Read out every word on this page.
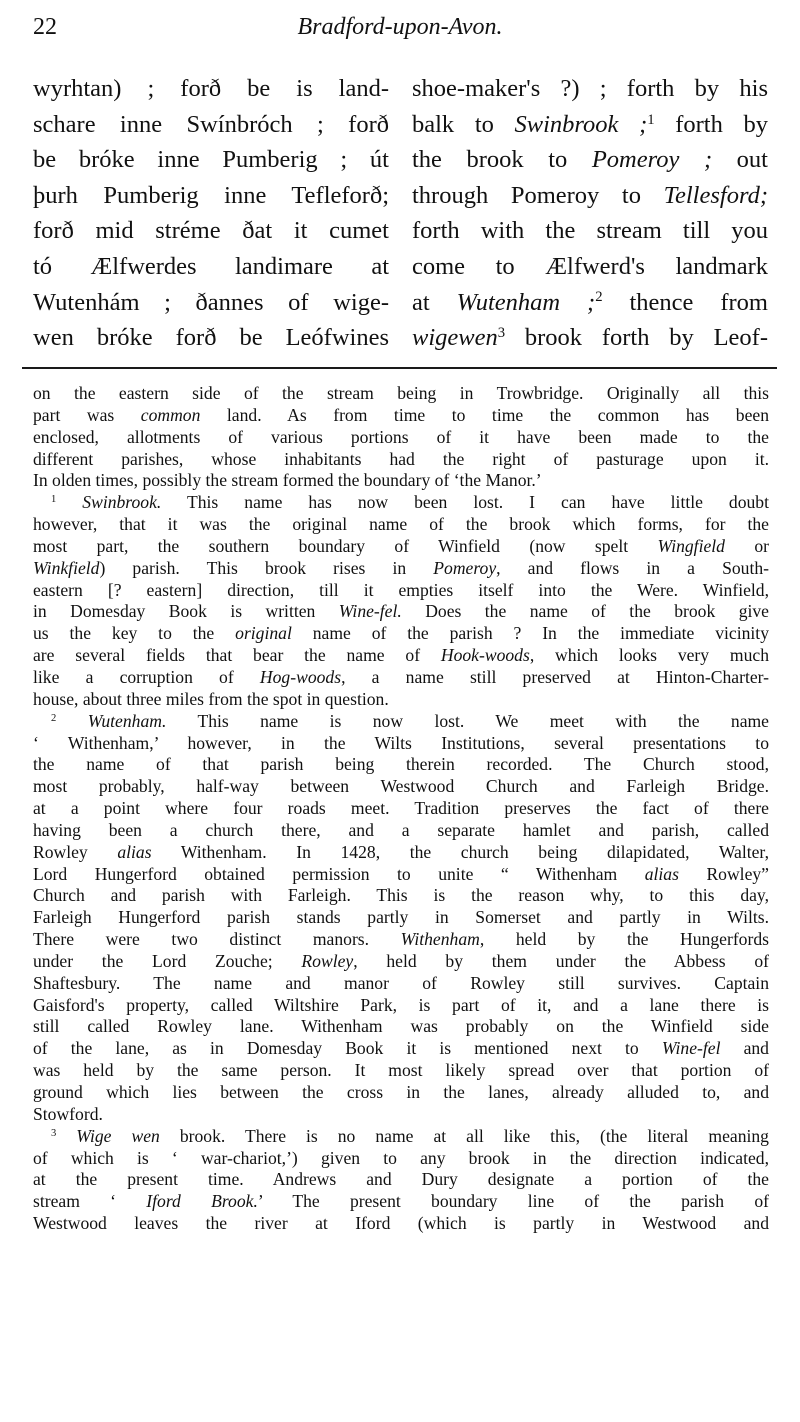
22	Bradford-upon-Avon.
wyrhtan) ; forð be is land-
schare inne Swínbróch ; forð
be bróke inne Pumberig ; út
þurh Pumberig inne Tefleforð;
forð mid stréme ðat it cumet
tó Ælfwerdes landimare at
Wutenhám ; ðannes of wige-
wen bróke forð be Leófwines
shoe-maker's ?) ; forth by his
balk to Swinbrook ;$^1$ forth by
the brook to Pomeroy ; out
through Pomeroy to Tellesford;
forth with the stream till you
come to Ælfwerd's landmark
at Wutenham ;$^2$ thence from
wigewen$^3$ brook forth by Leof-
on the eastern side of the stream being in Trowbridge. Originally all this
part was common land. As from time to time the common has been
enclosed, allotments of various portions of it have been made to the
different parishes, whose inhabitants had the right of pasturage upon it.
In olden times, possibly the stream formed the boundary of ‘the Manor.’
$^1$ Swinbrook. This name has now been lost. I can have little doubt
however, that it was the original name of the brook which forms, for the
most part, the southern boundary of Winfield (now spelt Wingfield or
Winkfield) parish. This brook rises in Pomeroy, and flows in a South-
eastern [? eastern] direction, till it empties itself into the Were. Winfield,
in Domesday Book is written Wine-fel. Does the name of the brook give
us the key to the original name of the parish ? In the immediate vicinity
are several fields that bear the name of Hook-woods, which looks very much
like a corruption of Hog-woods, a name still preserved at Hinton-Charter-
house, about three miles from the spot in question.
$^2$ Wutenham. This name is now lost. We meet with the name
‘ Withenham,’ however, in the Wilts Institutions, several presentations to
the name of that parish being therein recorded. The Church stood,
most probably, half-way between Westwood Church and Farleigh Bridge.
at a point where four roads meet. Tradition preserves the fact of there
having been a church there, and a separate hamlet and parish, called
Rowley alias Withenham. In 1428, the church being dilapidated, Walter,
Lord Hungerford obtained permission to unite “ Withenham alias Rowley”
Church and parish with Farleigh. This is the reason why, to this day,
Farleigh Hungerford parish stands partly in Somerset and partly in Wilts.
There were two distinct manors. Withenham, held by the Hungerfords
under the Lord Zouche; Rowley, held by them under the Abbess of
Shaftesbury. The name and manor of Rowley still survives. Captain
Gaisford's property, called Wiltshire Park, is part of it, and a lane there is
still called Rowley lane. Withenham was probably on the Winfield side
of the lane, as in Domesday Book it is mentioned next to Wine-fel and
was held by the same person. It most likely spread over that portion of
ground which lies between the cross in the lanes, already alluded to, and
Stowford.
$^3$ Wige wen brook. There is no name at all like this, (the literal meaning
of which is ‘ war-chariot,’) given to any brook in the direction indicated,
at the present time. Andrews and Dury designate a portion of the
stream ‘ Iford Brook.’ The present boundary line of the parish of
Westwood leaves the river at Iford (which is partly in Westwood and
